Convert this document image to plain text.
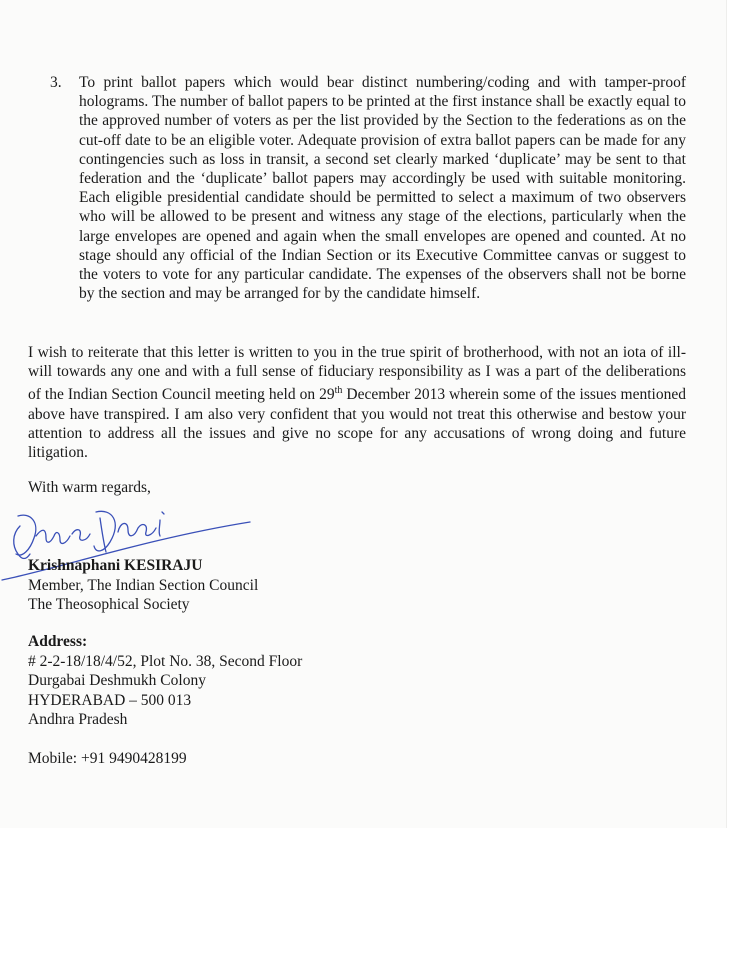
3.	To print ballot papers which would bear distinct numbering/coding and with tamper-proof holograms. The number of ballot papers to be printed at the first instance shall be exactly equal to the approved number of voters as per the list provided by the Section to the federations as on the cut-off date to be an eligible voter. Adequate provision of extra ballot papers can be made for any contingencies such as loss in transit, a second set clearly marked ‘duplicate’ may be sent to that federation and the ‘duplicate’ ballot papers may accordingly be used with suitable monitoring. Each eligible presidential candidate should be permitted to select a maximum of two observers who will be allowed to be present and witness any stage of the elections, particularly when the large envelopes are opened and again when the small envelopes are opened and counted. At no stage should any official of the Indian Section or its Executive Committee canvas or suggest to the voters to vote for any particular candidate. The expenses of the observers shall not be borne by the section and may be arranged for by the candidate himself.
I wish to reiterate that this letter is written to you in the true spirit of brotherhood, with not an iota of ill-will towards any one and with a full sense of fiduciary responsibility as I was a part of the deliberations of the Indian Section Council meeting held on 29th December 2013 wherein some of the issues mentioned above have transpired. I am also very confident that you would not treat this otherwise and bestow your attention to address all the issues and give no scope for any accusations of wrong doing and future litigation.
With warm regards,
Krishnaphani KESIRAJU
Member, The Indian Section Council
The Theosophical Society
Address:
# 2-2-18/18/4/52, Plot No. 38, Second Floor
Durgabai Deshmukh Colony
HYDERABAD – 500 013
Andhra Pradesh
Mobile: +91 9490428199
